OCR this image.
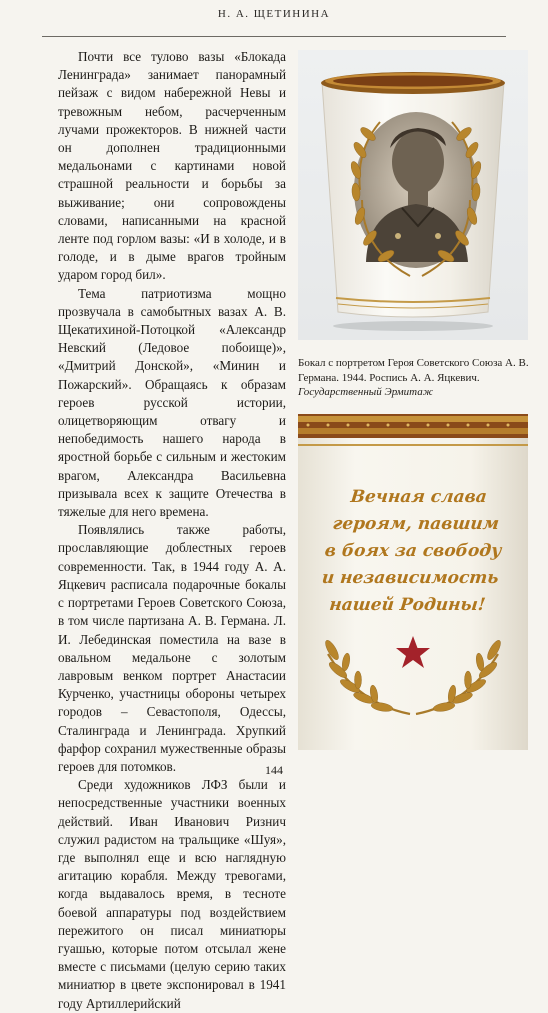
Н. А. ЩЕТИНИНА

Почти все тулово вазы «Блокада Ленинграда» занимает панорамный пейзаж с видом набережной Невы и тревожным небом, расчерченным лучами прожекторов. В нижней части он дополнен традиционными медальонами с картинами новой страшной реальности и борьбы за выживание; они сопровождены словами, написанными на красной ленте под горлом вазы: «И в холоде, и в голоде, и в дыме врагов тройным ударом город бил».

Тема патриотизма мощно прозвучала в самобытных вазах А. В. Щекатихиной-Потоцкой «Александр Невский (Ледовое побоище)», «Дмитрий Донской», «Минин и Пожарский». Обращаясь к образам героев русской истории, олицетворяющим отвагу и непобедимость нашего народа в яростной борьбе с сильным и жестоким врагом, Александра Васильевна призывала всех к защите Отечества в тяжелые для него времена.

Появлялись также работы, прославляющие доблестных героев современности. Так, в 1944 году А. А. Яцкевич расписала подарочные бокалы с портретами Героев Советского Союза, в том числе партизана А. В. Германа. Л. И. Лебединская поместила на вазе в овальном медальоне с золотым лавровым венком портрет Анастасии Курченко, участницы обороны четырех городов – Севастополя, Одессы, Сталинграда и Ленинграда. Хрупкий фарфор сохранил мужественные образы героев для потомков.

Среди художников ЛФЗ были и непосредственные участники военных действий. Иван Иванович Ризнич служил радистом на тральщике «Шуя», где выполнял еще и всю наглядную агитацию корабля. Между тревогами, когда выдавалось время, в тесноте боевой аппаратуры под воздействием пережитого он писал миниатюры гуашью, которые потом отсылал жене вместе с письмами (целую серию таких миниатюр в цвете экспонировал в 1941 году Артиллерийский

Бокал с портретом Героя Советского Союза А. В. Германа. 1944. Роспись А. А. Яцкевич. Государственный Эрмитаж
Вечная слава
героям, павшим
в боях за свободу
и независимость
нашей Родины!
144
